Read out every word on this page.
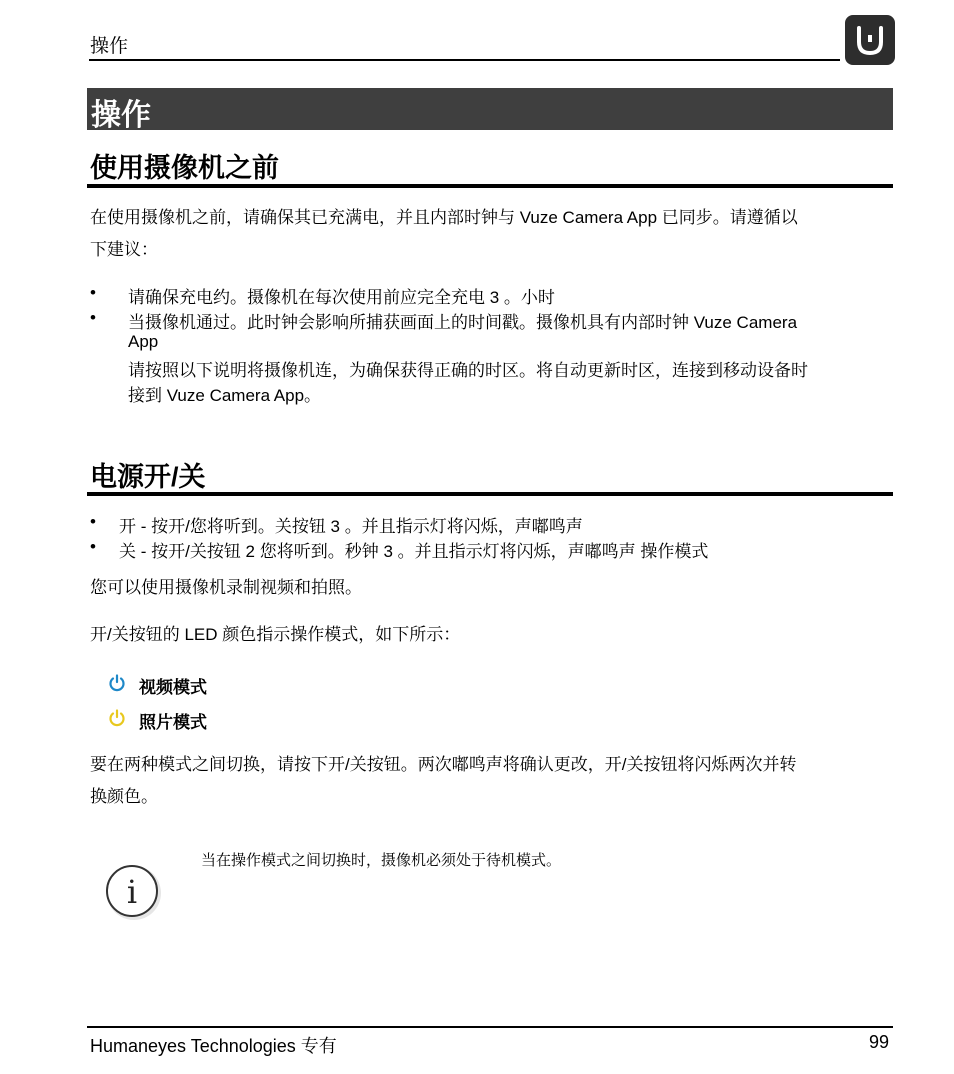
操作
操作
使用摄像机之前
在使用摄像机之前，请确保其已充满电，并且内部时钟与 Vuze Camera App 已同步。请遵循以
下建议：
• 请确保充电约。摄像机在每次使用前应完全充电 3 。小时
• 当摄像机通过。此时钟会影响所捕获画面上的时间戳。摄像机具有内部时钟 Vuze Camera
App
请按照以下说明将摄像机连，为确保获得正确的时区。将自动更新时区，连接到移动设备时
接到 Vuze Camera App。
电源开/关
• 开 - 按开/您将听到。关按钮 3 。并且指示灯将闪烁，声嘟鸣声
• 关 - 按开/关按钮 2 您将听到。秒钟 3 。并且指示灯将闪烁，声嘟鸣声 操作模式
您可以使用摄像机录制视频和拍照。
开/关按钮的 LED 颜色指示操作模式，如下所示：
视频模式
照片模式
要在两种模式之间切换，请按下开/关按钮。两次嘟鸣声将确认更改，开/关按钮将闪烁两次并转
换颜色。
i
当在操作模式之间切换时，摄像机必须处于待机模式。
Humaneyes Technologies 专有	99
